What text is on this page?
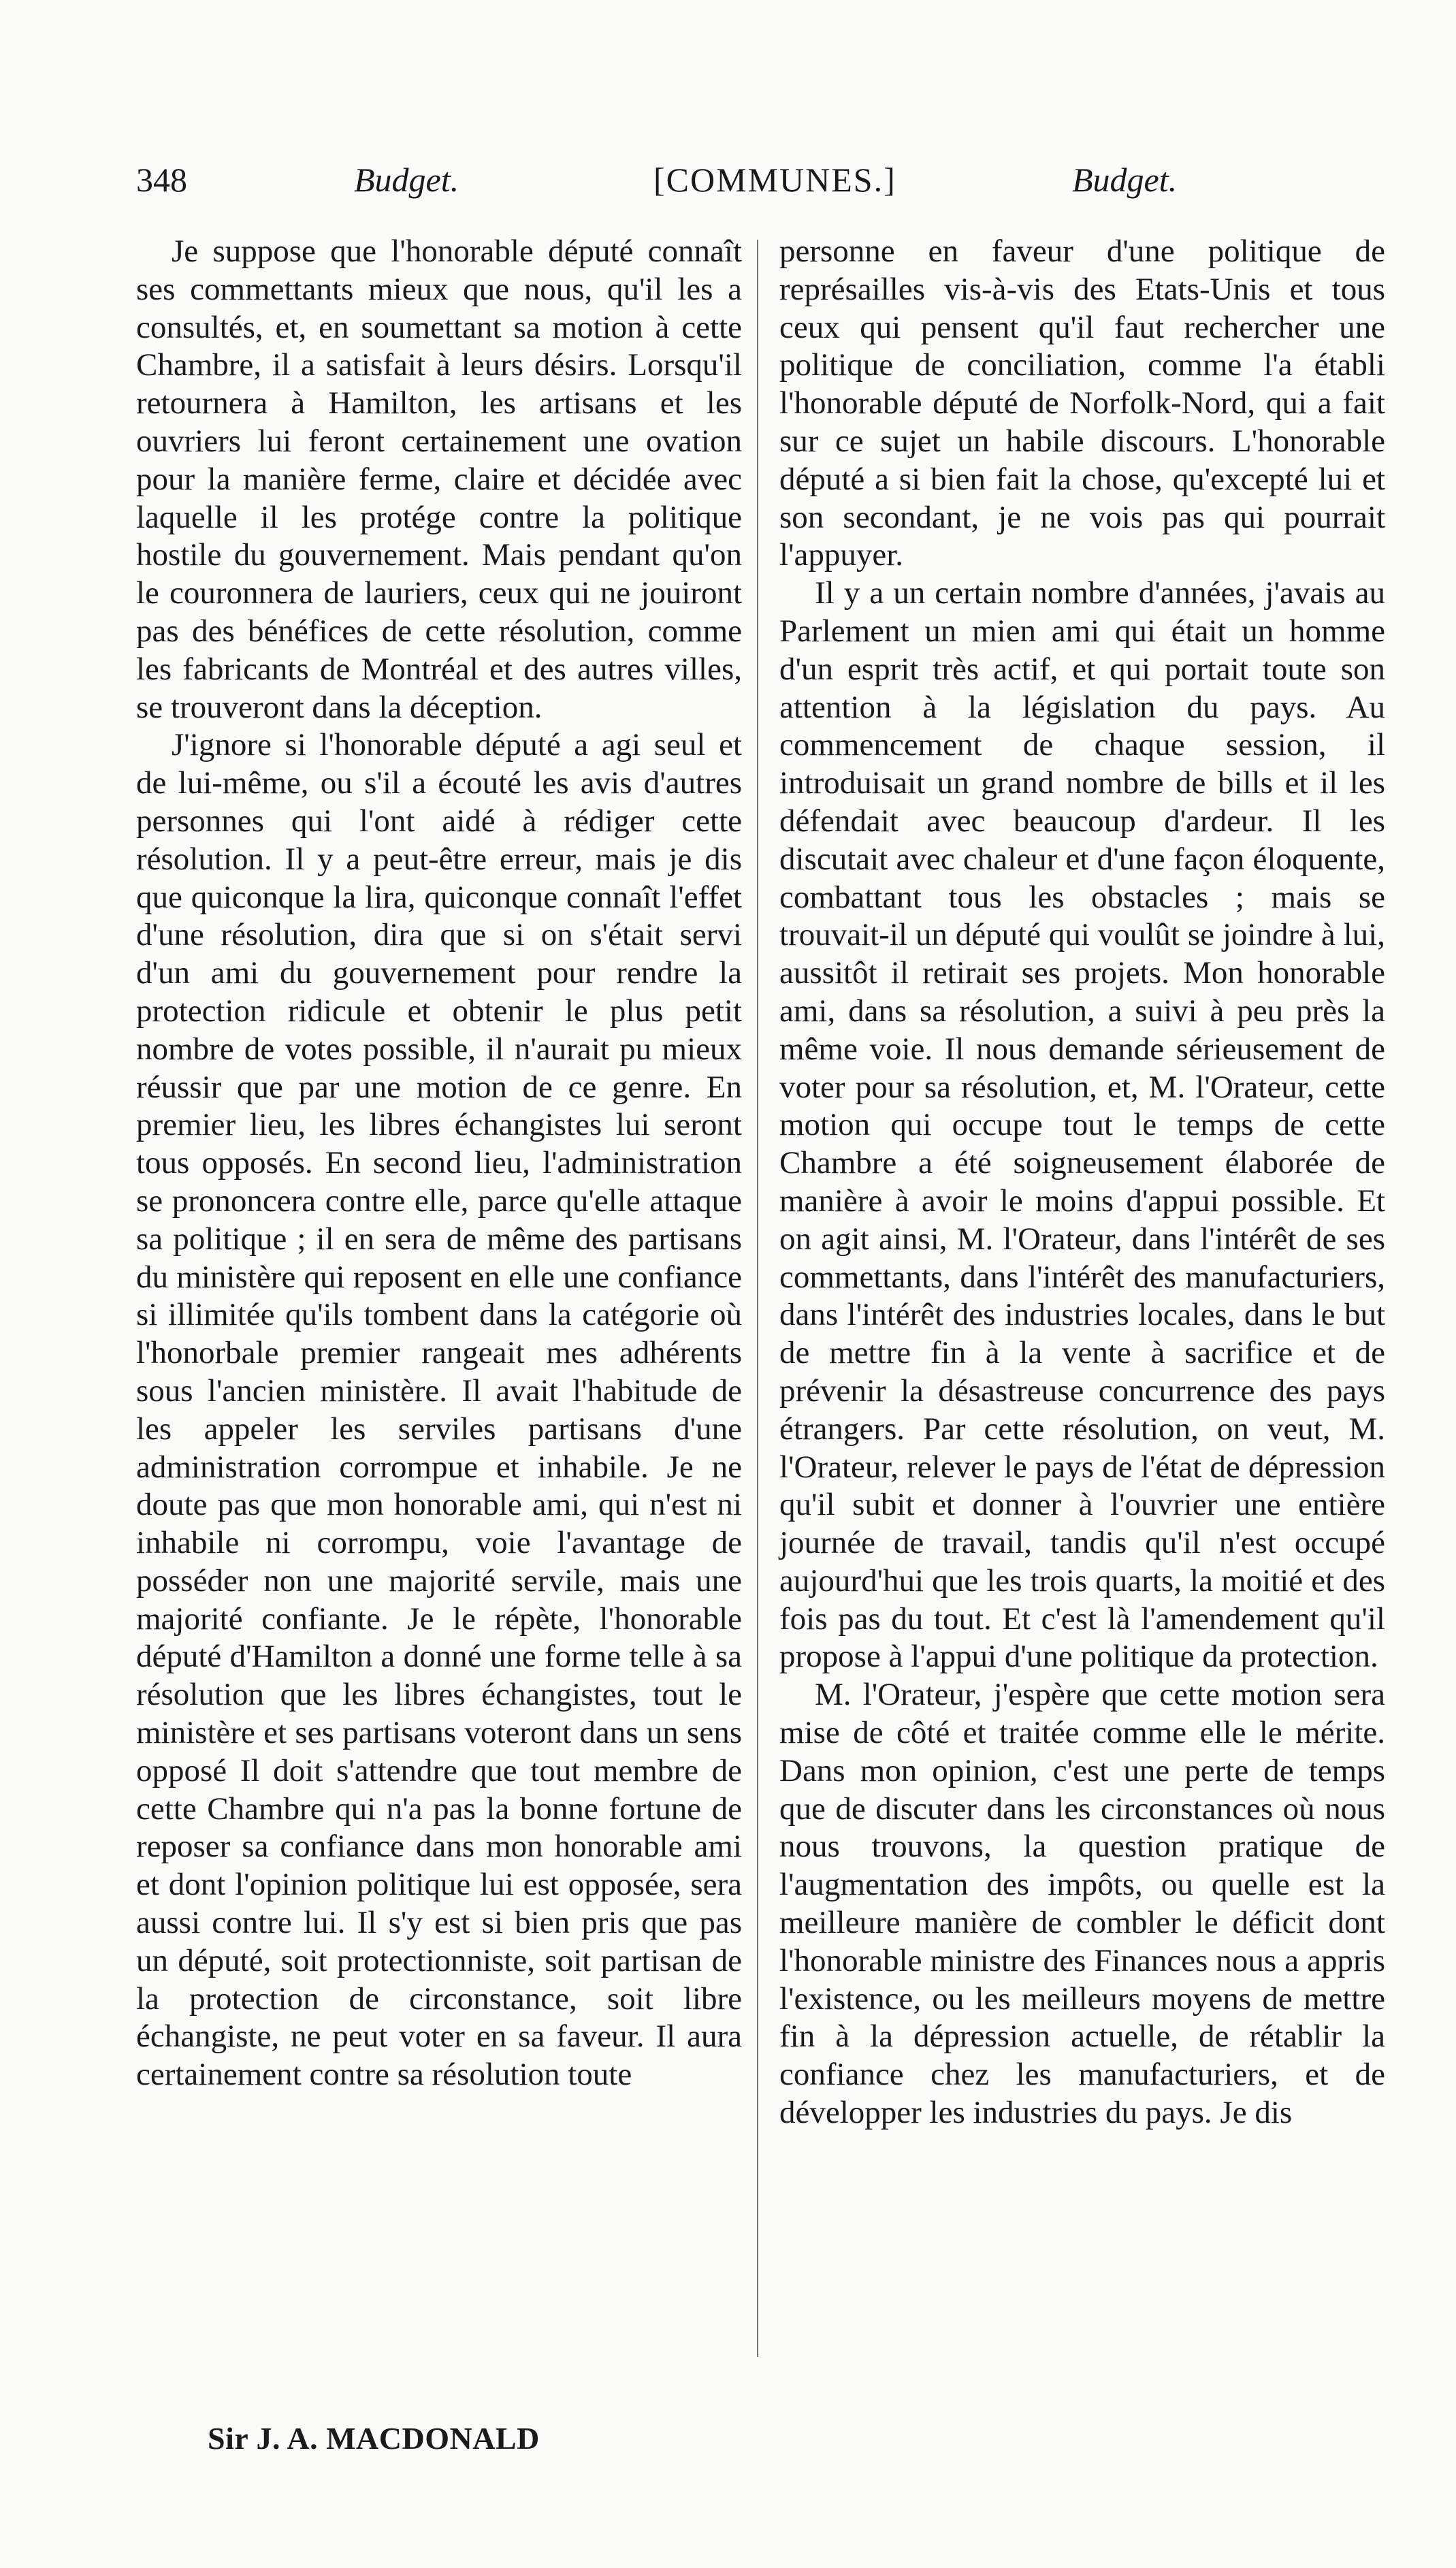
348	Budget.	[COMMUNES.]	Budget.

Je suppose que l'honorable député connaît ses commettants mieux que nous, qu'il les a consultés, et, en soumettant sa motion à cette Chambre, il a satisfait à leurs désirs. Lorsqu'il retournera à Hamilton, les artisans et les ouvriers lui feront certainement une ovation pour la manière ferme, claire et décidée avec laquelle il les protége contre la politique hostile du gouvernement. Mais pendant qu'on le couronnera de lauriers, ceux qui ne jouiront pas des bénéfices de cette résolution, comme les fabricants de Montréal et des autres villes, se trouveront dans la déception.

J'ignore si l'honorable député a agi seul et de lui-même, ou s'il a écouté les avis d'autres personnes qui l'ont aidé à rédiger cette résolution. Il y a peut-être erreur, mais je dis que quiconque la lira, quiconque connaît l'effet d'une résolution, dira que si on s'était servi d'un ami du gouvernement pour rendre la protection ridicule et obtenir le plus petit nombre de votes possible, il n'aurait pu mieux réussir que par une motion de ce genre. En premier lieu, les libres échangistes lui seront tous opposés. En second lieu, l'administration se prononcera contre elle, parce qu'elle attaque sa politique ; il en sera de même des partisans du ministère qui reposent en elle une confiance si illimitée qu'ils tombent dans la catégorie où l'honorbale premier rangeait mes adhérents sous l'ancien ministère. Il avait l'habitude de les appeler les serviles partisans d'une administration corrompue et inhabile. Je ne doute pas que mon honorable ami, qui n'est ni inhabile ni corrompu, voie l'avantage de posséder non une majorité servile, mais une majorité confiante. Je le répète, l'honorable député d'Hamilton a donné une forme telle à sa résolution que les libres échangistes, tout le ministère et ses partisans voteront dans un sens opposé Il doit s'attendre que tout membre de cette Chambre qui n'a pas la bonne fortune de reposer sa confiance dans mon honorable ami et dont l'opinion politique lui est opposée, sera aussi contre lui. Il s'y est si bien pris que pas un député, soit protectionniste, soit partisan de la protection de circonstance, soit libre échangiste, ne peut voter en sa faveur. Il aura certainement contre sa résolution toute

personne en faveur d'une politique de représailles vis-à-vis des Etats-Unis et tous ceux qui pensent qu'il faut rechercher une politique de conciliation, comme l'a établi l'honorable député de Norfolk-Nord, qui a fait sur ce sujet un habile discours. L'honorable député a si bien fait la chose, qu'excepté lui et son secondant, je ne vois pas qui pourrait l'appuyer.

Il y a un certain nombre d'années, j'avais au Parlement un mien ami qui était un homme d'un esprit très actif, et qui portait toute son attention à la législation du pays. Au commencement de chaque session, il introduisait un grand nombre de bills et il les défendait avec beaucoup d'ardeur. Il les discutait avec chaleur et d'une façon éloquente, combattant tous les obstacles ; mais se trouvait-il un député qui voulût se joindre à lui, aussitôt il retirait ses projets. Mon honorable ami, dans sa résolution, a suivi à peu près la même voie. Il nous demande sérieusement de voter pour sa résolution, et, M. l'Orateur, cette motion qui occupe tout le temps de cette Chambre a été soigneusement élaborée de manière à avoir le moins d'appui possible. Et on agit ainsi, M. l'Orateur, dans l'intérêt de ses commettants, dans l'intérêt des manufacturiers, dans l'intérêt des industries locales, dans le but de mettre fin à la vente à sacrifice et de prévenir la désastreuse concurrence des pays étrangers. Par cette résolution, on veut, M. l'Orateur, relever le pays de l'état de dépression qu'il subit et donner à l'ouvrier une entière journée de travail, tandis qu'il n'est occupé aujourd'hui que les trois quarts, la moitié et des fois pas du tout. Et c'est là l'amendement qu'il propose à l'appui d'une politique da protection.

M. l'Orateur, j'espère que cette motion sera mise de côté et traitée comme elle le mérite. Dans mon opinion, c'est une perte de temps que de discuter dans les circonstances où nous nous trouvons, la question pratique de l'augmentation des impôts, ou quelle est la meilleure manière de combler le déficit dont l'honorable ministre des Finances nous a appris l'existence, ou les meilleurs moyens de mettre fin à la dépression actuelle, de rétablir la confiance chez les manufacturiers, et de développer les industries du pays. Je dis

Sir J. A. MACDONALD
